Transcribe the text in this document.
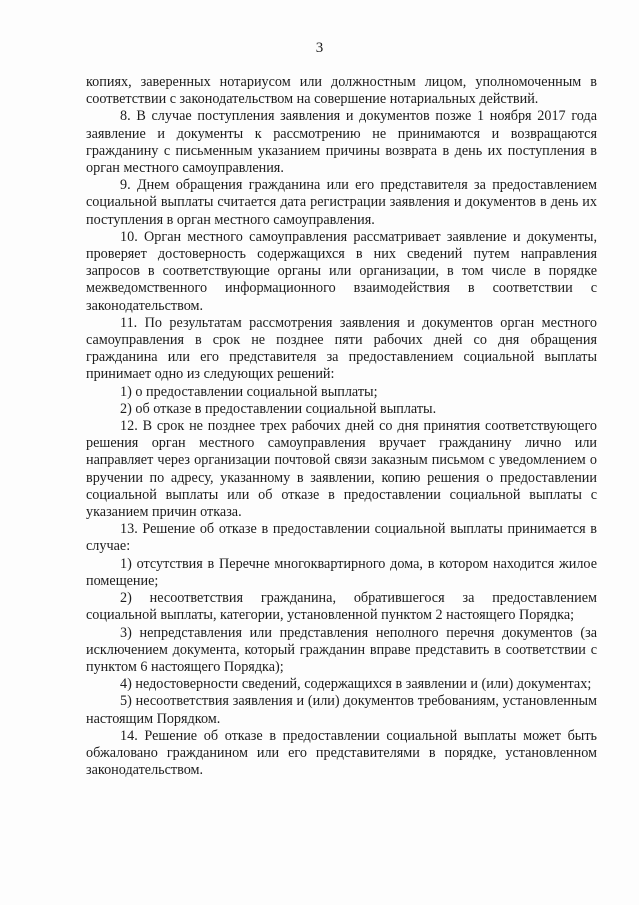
3

копиях, заверенных нотариусом или должностным лицом, уполномоченным в соответствии с законодательством на совершение нотариальных действий.

8. В случае поступления заявления и документов позже 1 ноября 2017 года заявление и документы к рассмотрению не принимаются и возвращаются гражданину с письменным указанием причины возврата в день их поступления в орган местного самоуправления.

9. Днем обращения гражданина или его представителя за предоставлением социальной выплаты считается дата регистрации заявления и документов в день их поступления в орган местного самоуправления.

10. Орган местного самоуправления рассматривает заявление и документы, проверяет достоверность содержащихся в них сведений путем направления запросов в соответствующие органы или организации, в том числе в порядке межведомственного информационного взаимодействия в соответствии с законодательством.

11. По результатам рассмотрения заявления и документов орган местного самоуправления в срок не позднее пяти рабочих дней со дня обращения гражданина или его представителя за предоставлением социальной выплаты принимает одно из следующих решений:

1) о предоставлении социальной выплаты;

2) об отказе в предоставлении социальной выплаты.

12. В срок не позднее трех рабочих дней со дня принятия соответствующего решения орган местного самоуправления вручает гражданину лично или направляет через организации почтовой связи заказным письмом с уведомлением о вручении по адресу, указанному в заявлении, копию решения о предоставлении социальной выплаты или об отказе в предоставлении социальной выплаты с указанием причин отказа.

13. Решение об отказе в предоставлении социальной выплаты принимается в случае:

1) отсутствия в Перечне многоквартирного дома, в котором находится жилое помещение;

2) несоответствия гражданина, обратившегося за предоставлением социальной выплаты, категории, установленной пунктом 2 настоящего Порядка;

3) непредставления или представления неполного перечня документов (за исключением документа, который гражданин вправе представить в соответствии с пунктом 6 настоящего Порядка);

4) недостоверности сведений, содержащихся в заявлении и (или) документах;

5) несоответствия заявления и (или) документов требованиям, установленным настоящим Порядком.

14. Решение об отказе в предоставлении социальной выплаты может быть обжаловано гражданином или его представителями в порядке, установленном законодательством.
